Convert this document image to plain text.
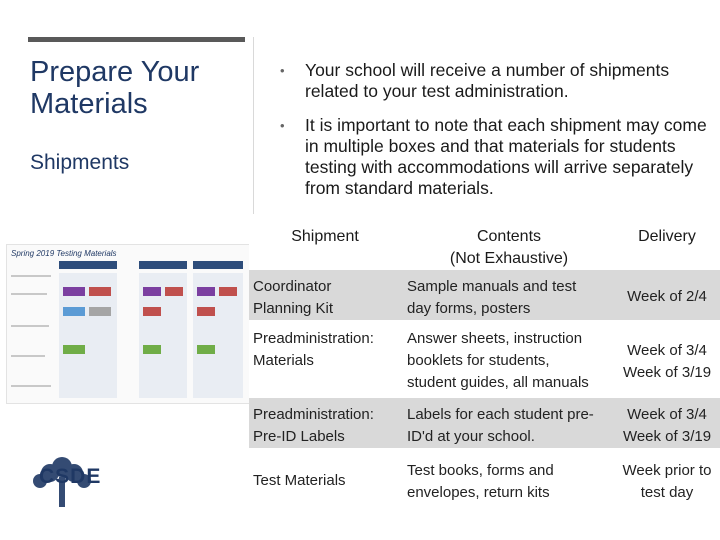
Prepare Your Materials
Shipments
• Your school will receive a number of shipments related to your test administration.
• It is important to note that each shipment may come in multiple boxes and that materials for students testing with accommodations will arrive separately from standard materials.
Spring 2019 Testing Materials
CSDE
Shipment	Contents
(Not Exhaustive)
Delivery
Coordinator
Planning Kit
Sample manuals and test
day forms, posters
Week of 2/4
Preadministration:
Materials
Answer sheets, instruction
booklets for students,
student guides, all manuals
Week of 3/4
Week of 3/19
Preadministration:
Pre-ID Labels
Labels for each student pre-
ID'd at your school.
Week of 3/4
Week of 3/19
Test Materials
Test books, forms and
envelopes, return kits
Week prior to
test day
